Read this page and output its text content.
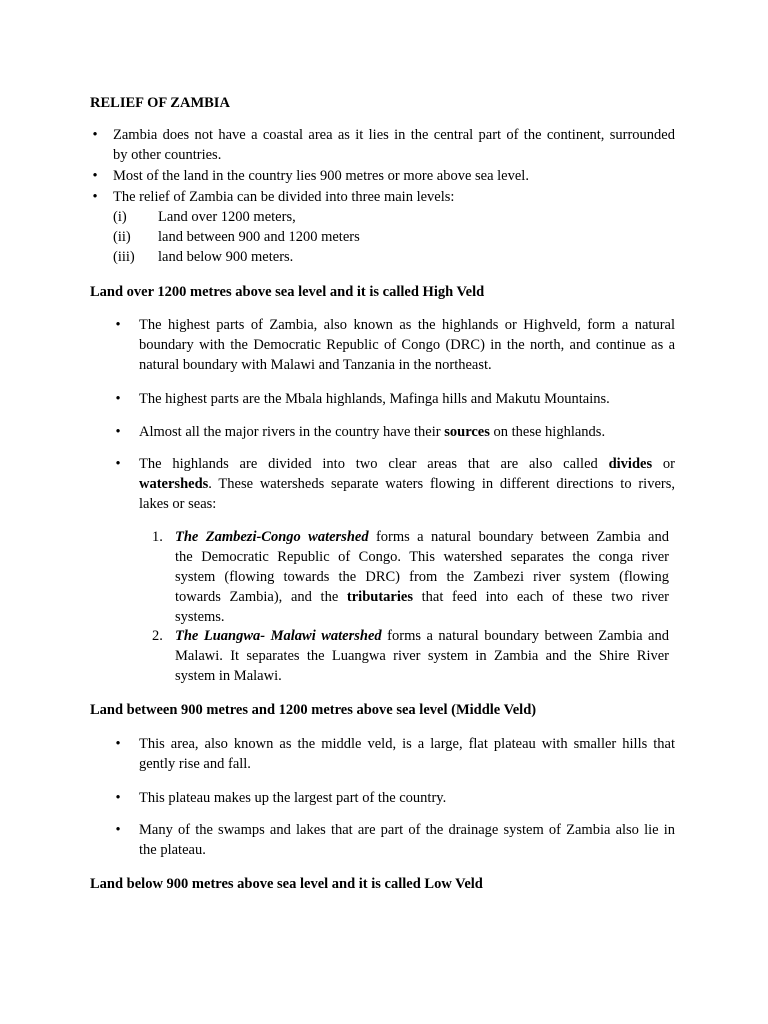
RELIEF OF ZAMBIA
•	Zambia does not have a coastal area as it lies in the central part of the continent, surrounded
by other countries.
•	Most of the land in the country lies 900 metres or more above sea level.
•	The relief of Zambia can be divided into three main levels:
(i) Land over 1200 meters,
(ii) land between 900 and 1200 meters
(iii) land below 900 meters.
Land over 1200 metres above sea level and it is called High Veld
•	The highest parts of Zambia, also known as the highlands or Highveld, form a natural
boundary with the Democratic Republic of Congo (DRC) in the north, and continue as a
natural boundary with Malawi and Tanzania in the northeast.
•	The highest parts are the Mbala highlands, Mafinga hills and Makutu Mountains.
•	Almost all the major rivers in the country have their sources on these highlands.
•	The highlands are divided into two clear areas that are also called divides or
watersheds. These watersheds separate waters flowing in different directions to rivers,
lakes or seas:
1. The Zambezi-Congo watershed forms a natural boundary between Zambia and
the Democratic Republic of Congo. This watershed separates the conga river
system (flowing towards the DRC) from the Zambezi river system (flowing
towards Zambia), and the tributaries that feed into each of these two river
systems.
2. The Luangwa- Malawi watershed forms a natural boundary between Zambia and
Malawi. It separates the Luangwa river system in Zambia and the Shire River
system in Malawi.
Land between 900 metres and 1200 metres above sea level (Middle Veld)
•	This area, also known as the middle veld, is a large, flat plateau with smaller hills that
gently rise and fall.
•	This plateau makes up the largest part of the country.
•	Many of the swamps and lakes that are part of the drainage system of Zambia also lie in
the plateau.
Land below 900 metres above sea level and it is called Low Veld
